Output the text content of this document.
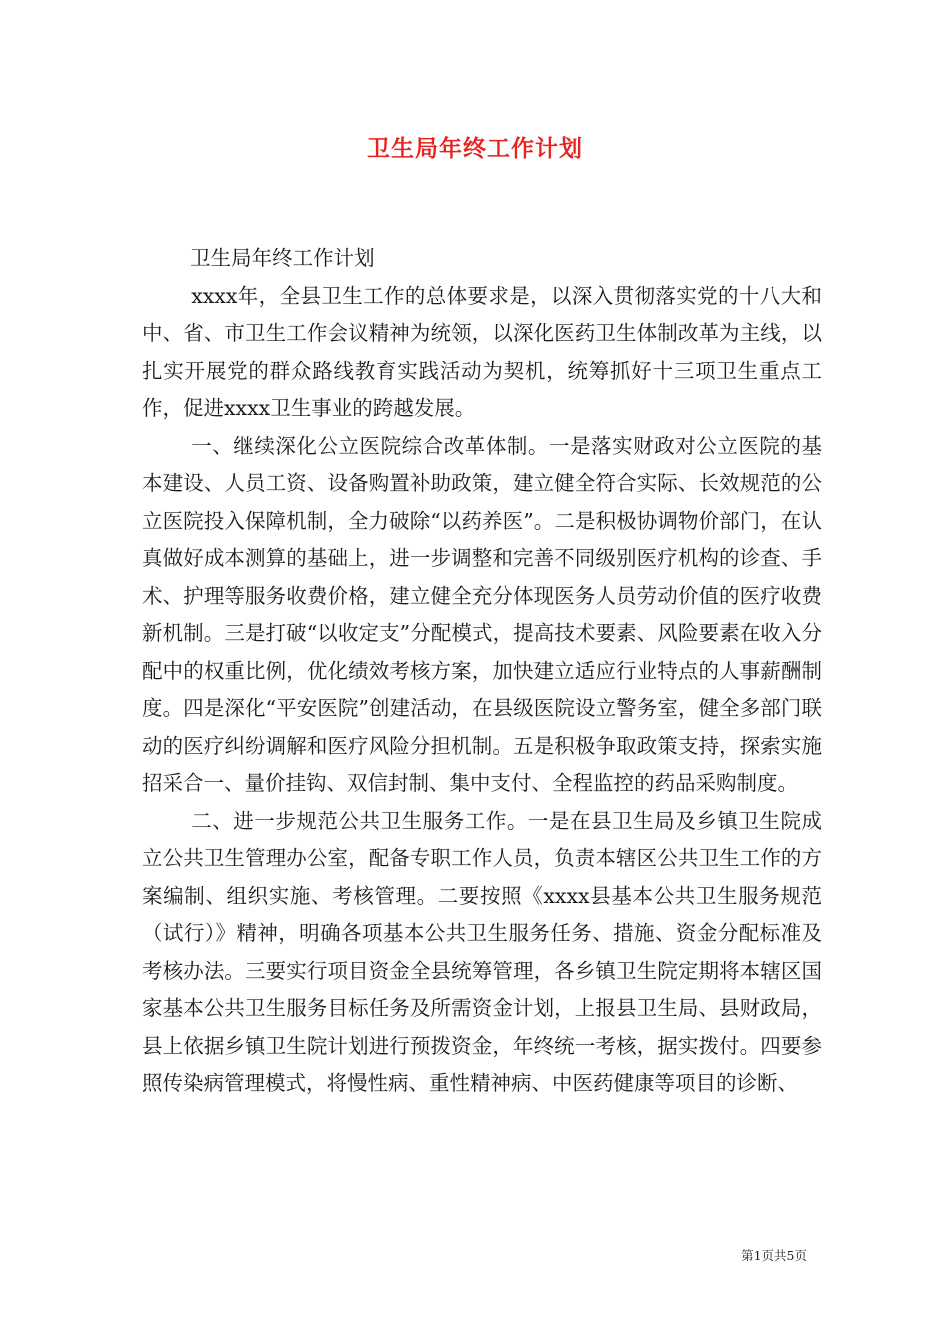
卫生局年终工作计划

卫生局年终工作计划

xxxx年，全县卫生工作的总体要求是，以深入贯彻落实党的十八大和中、省、市卫生工作会议精神为统领，以深化医药卫生体制改革为主线，以扎实开展党的群众路线教育实践活动为契机，统筹抓好十三项卫生重点工作，促进xxxx卫生事业的跨越发展。

一、继续深化公立医院综合改革体制。一是落实财政对公立医院的基本建设、人员工资、设备购置补助政策，建立健全符合实际、长效规范的公立医院投入保障机制，全力破除“以药养医”。二是积极协调物价部门，在认真做好成本测算的基础上，进一步调整和完善不同级别医疗机构的诊查、手术、护理等服务收费价格，建立健全充分体现医务人员劳动价值的医疗收费新机制。三是打破“以收定支”分配模式，提高技术要素、风险要素在收入分配中的权重比例，优化绩效考核方案，加快建立适应行业特点的人事薪酬制度。四是深化“平安医院”创建活动，在县级医院设立警务室，健全多部门联动的医疗纠纷调解和医疗风险分担机制。五是积极争取政策支持，探索实施招采合一、量价挂钩、双信封制、集中支付、全程监控的药品采购制度。

二、进一步规范公共卫生服务工作。一是在县卫生局及乡镇卫生院成立公共卫生管理办公室，配备专职工作人员，负责本辖区公共卫生工作的方案编制、组织实施、考核管理。二要按照《xxxx县基本公共卫生服务规范（试行）》精神，明确各项基本公共卫生服务任务、措施、资金分配标准及考核办法。三要实行项目资金全县统筹管理，各乡镇卫生院定期将本辖区国家基本公共卫生服务目标任务及所需资金计划，上报县卫生局、县财政局，县上依据乡镇卫生院计划进行预拨资金，年终统一考核，据实拨付。四要参照传染病管理模式，将慢性病、重性精神病、中医药健康等项目的诊断、

第1页共5页
